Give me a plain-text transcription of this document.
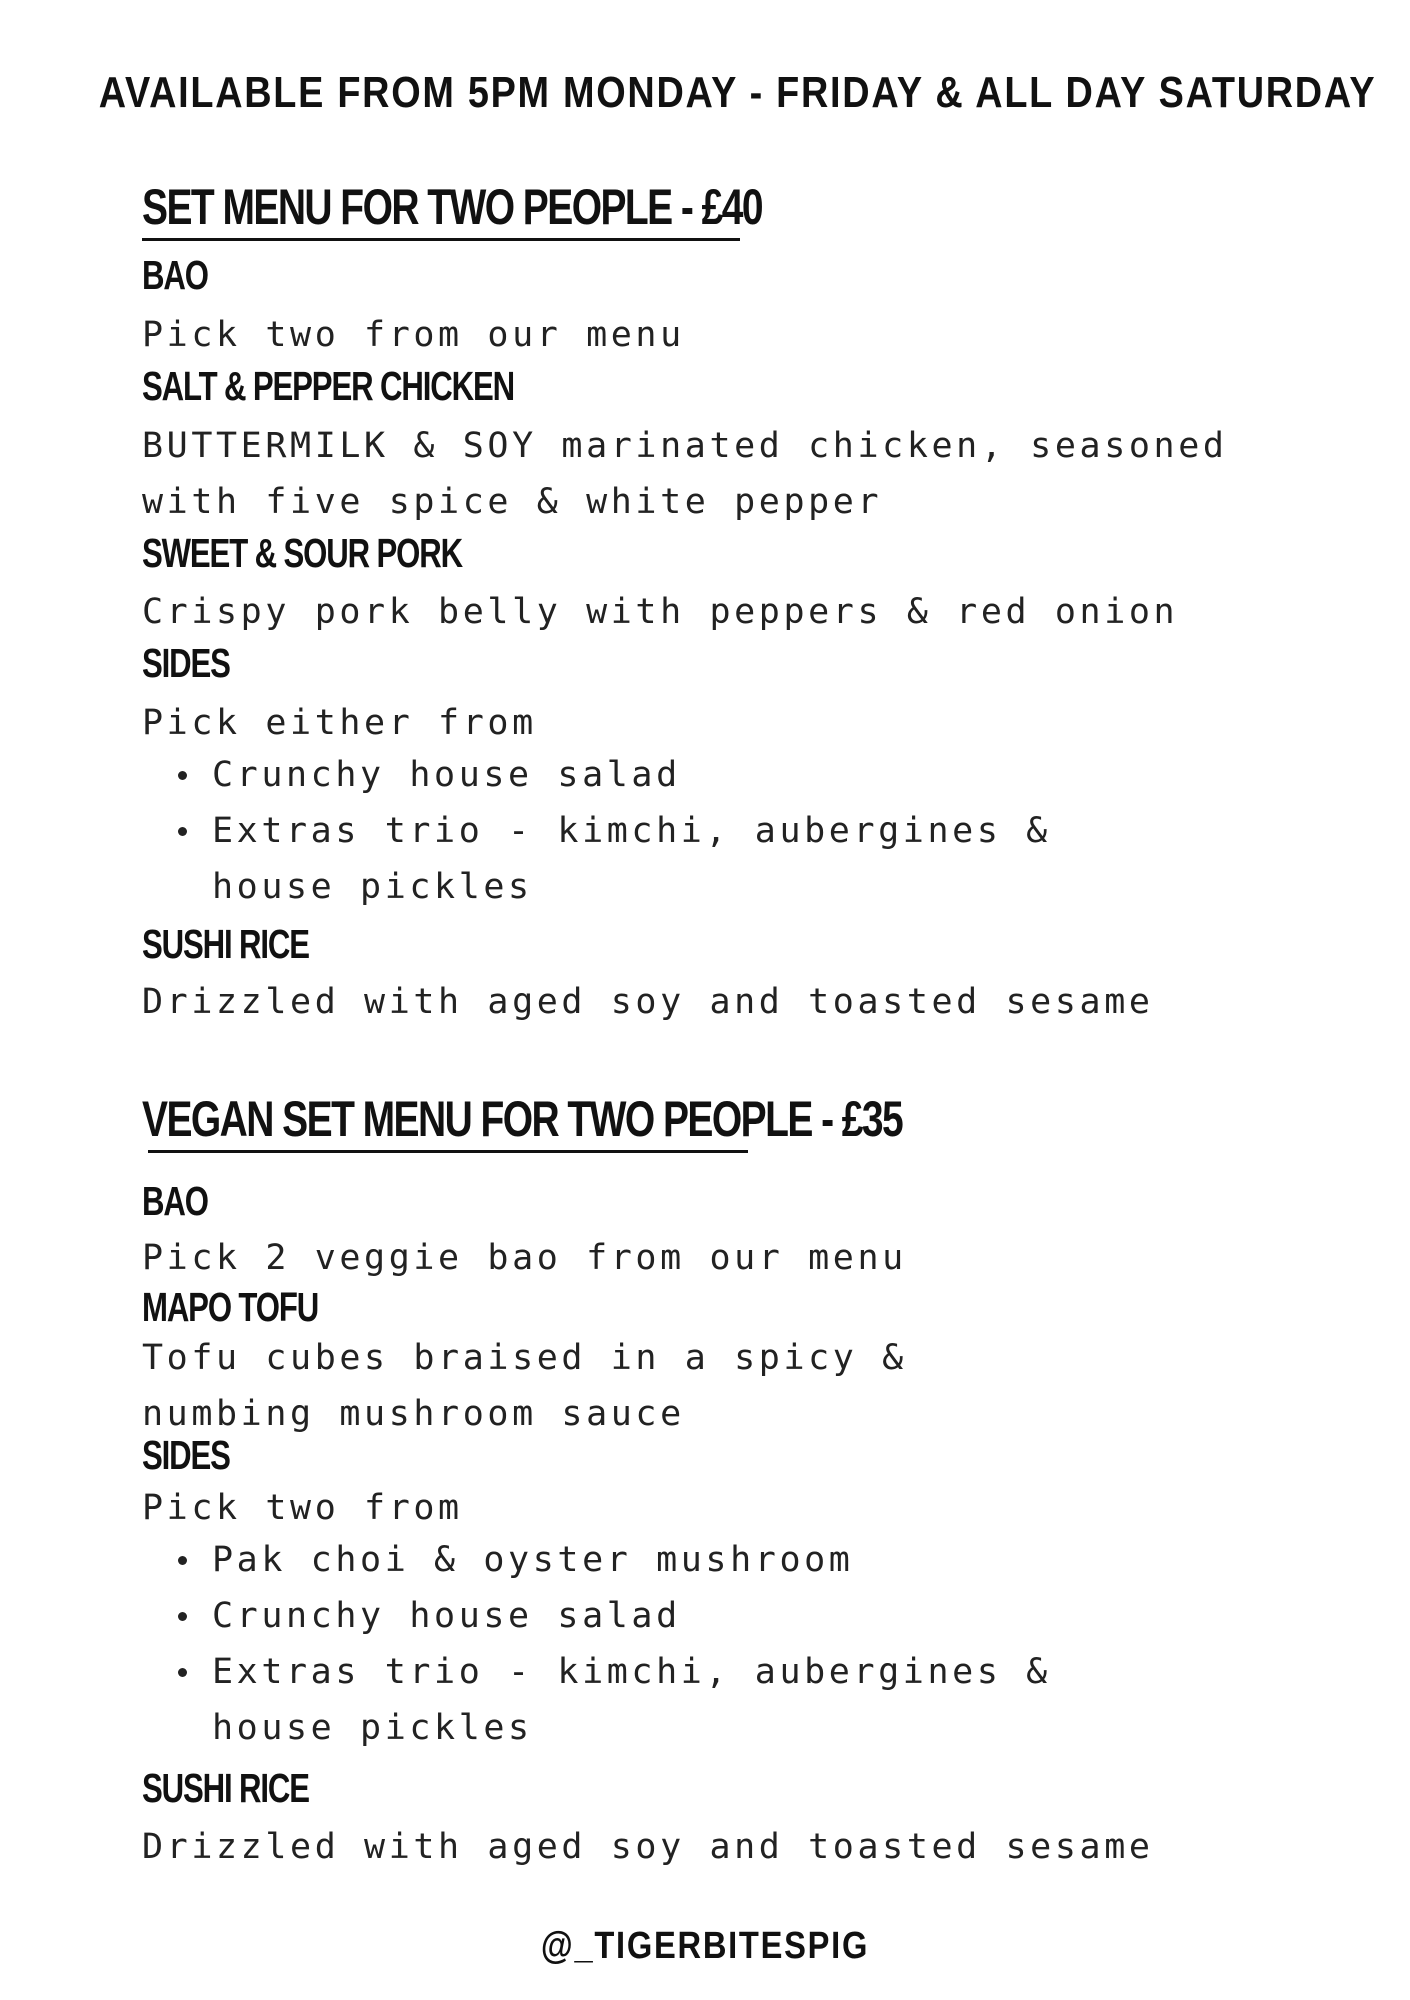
AVAILABLE FROM 5PM MONDAY - FRIDAY & ALL DAY SATURDAY
SET MENU FOR TWO PEOPLE - £40
BAO

Pick two from our menu

SALT & PEPPER CHICKEN

BUTTERMILK & SOY marinated chicken, seasoned

with five spice & white pepper

SWEET & SOUR PORK

Crispy pork belly with peppers & red onion

SIDES

Pick either from

Crunchy house salad
Extras trio - kimchi, aubergines &
house pickles
SUSHI RICE

Drizzled with aged soy and toasted sesame

VEGAN SET MENU FOR TWO PEOPLE - £35
BAO

Pick 2 veggie bao from our menu

MAPO TOFU

Tofu cubes braised in a spicy &

numbing mushroom sauce

SIDES

Pick two from

Pak choi & oyster mushroom
Crunchy house salad
Extras trio - kimchi, aubergines &
house pickles
SUSHI RICE

Drizzled with aged soy and toasted sesame

@_TIGERBITESPIG
